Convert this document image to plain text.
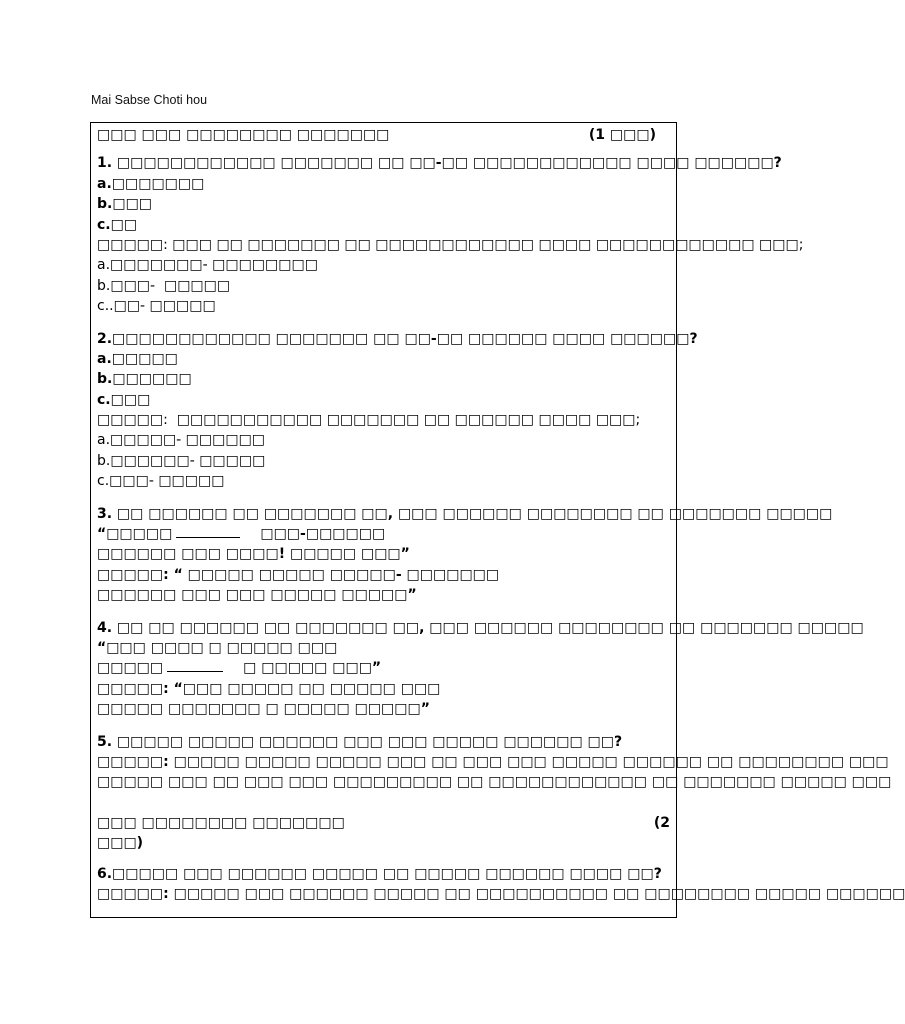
Mai Sabse Choti hou
□□□ □□□ □□□□□□□□ □□□□□□□	(1 □□□)
1. □□□□□□□□□□□□ □□□□□□□ □□ □□-□□ □□□□□□□□□□□□ □□□□ □□□□□□?
a.□□□□□□□
b.□□□
c.□□
□□□□□: □□□ □□ □□□□□□□ □□ □□□□□□□□□□□□ □□□□ □□□□□□□□□□□□ □□□;
a.□□□□□□□- □□□□□□□□
b.□□□-  □□□□□
c..□□- □□□□□
2.□□□□□□□□□□□□ □□□□□□□ □□ □□-□□ □□□□□□ □□□□ □□□□□□?
a.□□□□□
b.□□□□□□
c.□□□
□□□□□:  □□□□□□□□□□□ □□□□□□□ □□ □□□□□□ □□□□ □□□;
a.□□□□□- □□□□□□
b.□□□□□□- □□□□□
c.□□□- □□□□□
3. □□ □□□□□□ □□ □□□□□□□ □□, □□□ □□□□□□ □□□□□□□□ □□ □□□□□□□ □□□□□
“□□□□□	□□□-□□□□□□
□□□□□□ □□□ □□□□! □□□□□ □□□”
□□□□□: “ □□□□□ □□□□□ □□□□□- □□□□□□□
□□□□□□ □□□ □□□ □□□□□ □□□□□”
4. □□ □□ □□□□□□ □□ □□□□□□□ □□, □□□ □□□□□□ □□□□□□□□ □□ □□□□□□□ □□□□□
“□□□ □□□□ □ □□□□□ □□□
□□□□□	□ □□□□□ □□□”
□□□□□: “□□□ □□□□□ □□ □□□□□ □□□
□□□□□ □□□□□□□ □ □□□□□ □□□□□”
5. □□□□□ □□□□□ □□□□□□ □□□ □□□ □□□□□ □□□□□□ □□?
□□□□□: □□□□□ □□□□□ □□□□□ □□□ □□ □□□ □□□ □□□□□ □□□□□□ □□ □□□□□□□□ □□□
□□□□□ □□□ □□ □□□ □□□ □□□□□□□□□ □□ □□□□□□□□□□□□ □□ □□□□□□□ □□□□□ □□□
□□□ □□□□□□□□ □□□□□□□	(2
□□□)
6.□□□□□ □□□ □□□□□□ □□□□□ □□ □□□□□ □□□□□□ □□□□ □□?
□□□□□: □□□□□ □□□ □□□□□□ □□□□□ □□ □□□□□□□□□□ □□ □□□□□□□□ □□□□□ □□□□□□
